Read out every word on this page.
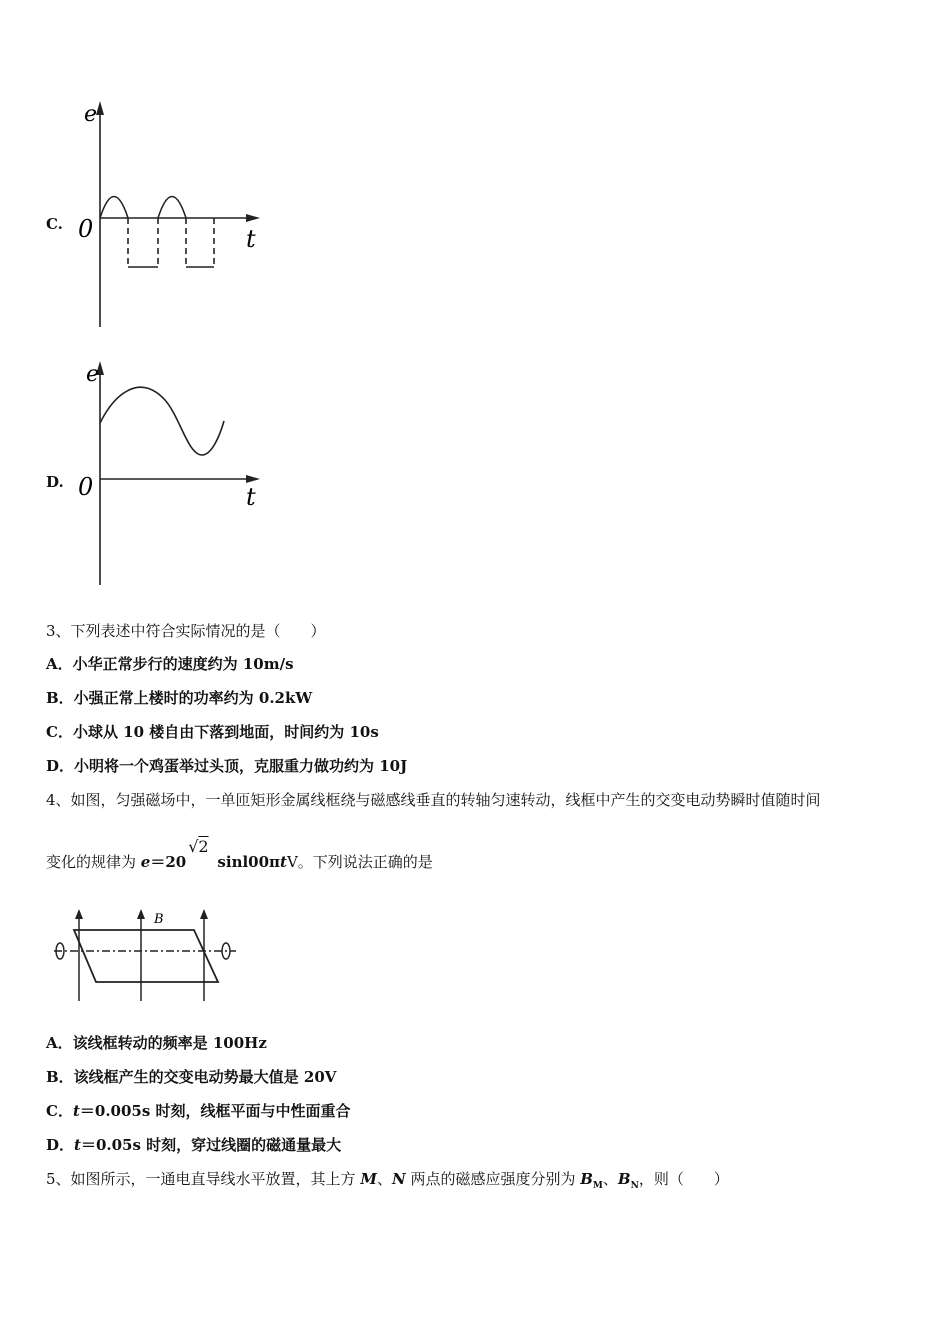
C.
e
0	t
D.
e
0	t
3、下列表述中符合实际情况的是（　　）
A．小华正常步行的速度约为 10m/s
B．小强正常上楼时的功率约为 0.2kW
C．小球从 10 楼自由下落到地面，时间约为 10s
D．小明将一个鸡蛋举过头顶，克服重力做功约为 10J
4、如图，匀强磁场中，一单匝矩形金属线框绕与磁感线垂直的转轴匀速转动，线框中产生的交变电动势瞬时值随时间
变化的规律为 e＝20
√2
sinl00πtV。下列说法正确的是
B
A．该线框转动的频率是 100Hz
B．该线框产生的交变电动势最大值是 20V
C．t＝0.005s 时刻，线框平面与中性面重合
D．t＝0.05s 时刻，穿过线圈的磁通量最大
5、如图所示，一通电直导线水平放置，其上方 M、N 两点的磁感应强度分别为 $B_M$、$B_N$，则（　　）
